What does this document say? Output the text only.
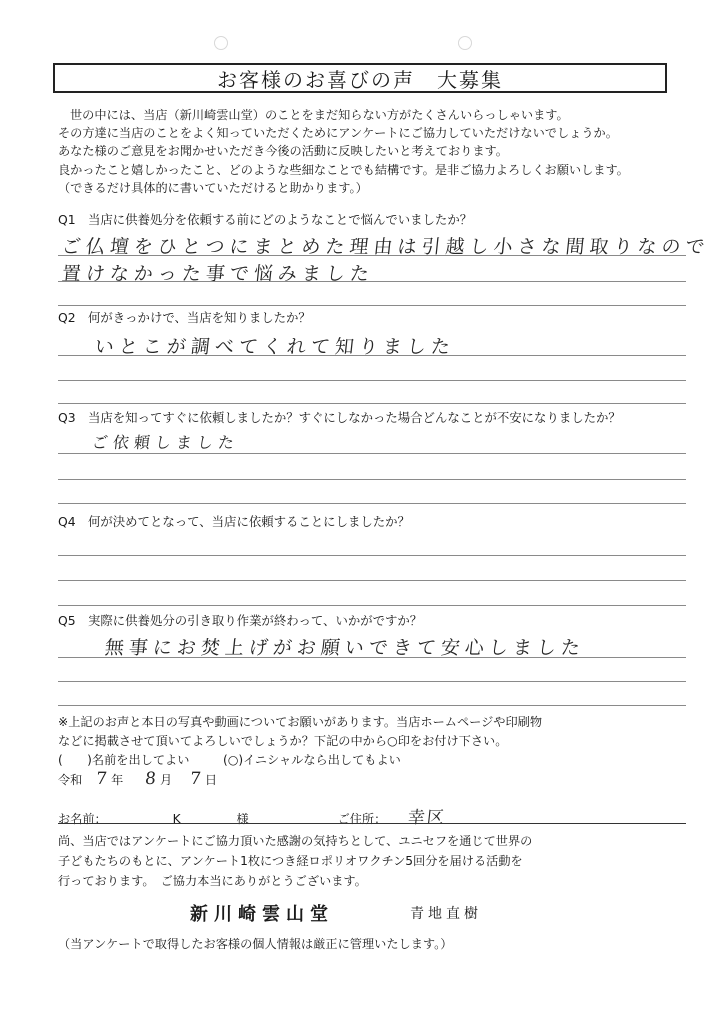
お客様のお喜びの声　大募集
世の中には、当店（新川崎雲山堂）のことをまだ知らない方がたくさんいらっしゃいます。
その方達に当店のことをよく知っていただくためにアンケートにご協力していただけないでしょうか。
あなた様のご意見をお聞かせいただき今後の活動に反映したいと考えております。
良かったこと嬉しかったこと、どのような些細なことでも結構です。是非ご協力よろしくお願いします。
（できるだけ具体的に書いていただけると助かります。）
Q1 当店に供養処分を依頼する前にどのようなことで悩んでいましたか？
ご仏壇をひとつにまとめた理由は引越し小さな間取りなので
置けなかった事で悩みました
Q2 何がきっかけで、当店を知りましたか？
いとこが調べてくれて知りました
Q3 当店を知ってすぐに依頼しましたか？すぐにしなかった場合どんなことが不安になりましたか？
ご依頼しました
Q4 何が決めてとなって、当店に依頼することにしましたか？
Q5 実際に供養処分の引き取り作業が終わって、いかがですか？
無事にお焚上げがお願いできて安心しました
※上記のお声と本日の写真や動画についてお願いがあります。当店ホームページや印刷物
などに掲載させて頂いてよろしいでしょうか？下記の中から○印をお付け下さい。
(　　)名前を出してよい	(○)イニシャルなら出してもよい
令和 7 年 8 月 7 日
お名前：	K	様	ご住所： 幸区
尚、当店ではアンケートにご協力頂いた感謝の気持ちとして、ユニセフを通じて世界の
子どもたちのもとに、アンケート1枚につき経ロポリオワクチン5回分を届ける活動を
行っております。　ご協力本当にありがとうございます。
新川崎雲山堂	青地直樹
（当アンケートで取得したお客様の個人情報は厳正に管理いたします。）
